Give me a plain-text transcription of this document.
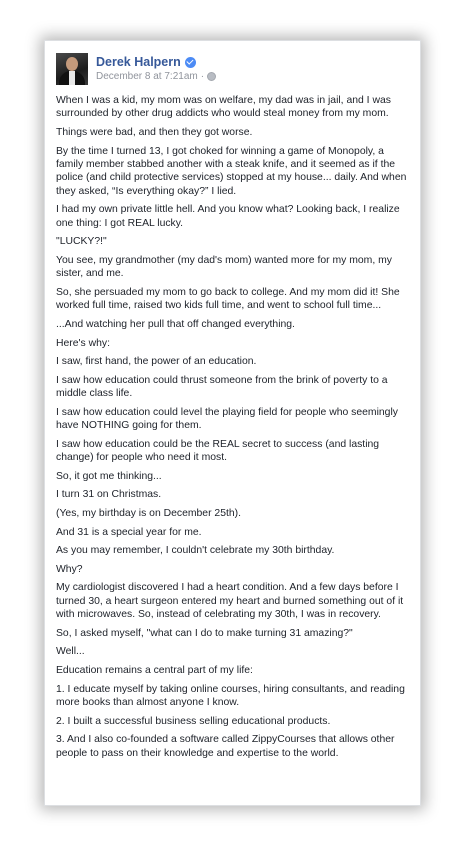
Derek Halpern
December 8 at 7:21am ·

When I was a kid, my mom was on welfare, my dad was in jail, and I was surrounded by other drug addicts who would steal money from my mom.

Things were bad, and then they got worse.

By the time I turned 13, I got choked for winning a game of Monopoly, a family member stabbed another with a steak knife, and it seemed as if the police (and child protective services) stopped at my house... daily. And when they asked, “Is everything okay?” I lied.

I had my own private little hell. And you know what? Looking back, I realize one thing: I got REAL lucky.

"LUCKY?!"

You see, my grandmother (my dad's mom) wanted more for my mom, my sister, and me.

So, she persuaded my mom to go back to college. And my mom did it! She worked full time, raised two kids full time, and went to school full time...

...And watching her pull that off changed everything.

Here's why:

I saw, first hand, the power of an education.

I saw how education could thrust someone from the brink of poverty to a middle class life.

I saw how education could level the playing field for people who seemingly have NOTHING going for them.

I saw how education could be the REAL secret to success (and lasting change) for people who need it most.

So, it got me thinking...

I turn 31 on Christmas.

(Yes, my birthday is on December 25th).

And 31 is a special year for me.

As you may remember, I couldn't celebrate my 30th birthday.

Why?

My cardiologist discovered I had a heart condition. And a few days before I turned 30, a heart surgeon entered my heart and burned something out of it with microwaves. So, instead of celebrating my 30th, I was in recovery.

So, I asked myself, "what can I do to make turning 31 amazing?"

Well...

Education remains a central part of my life:

1. I educate myself by taking online courses, hiring consultants, and reading more books than almost anyone I know.

2. I built a successful business selling educational products.

3. And I also co-founded a software called ZippyCourses that allows other people to pass on their knowledge and expertise to the world.
